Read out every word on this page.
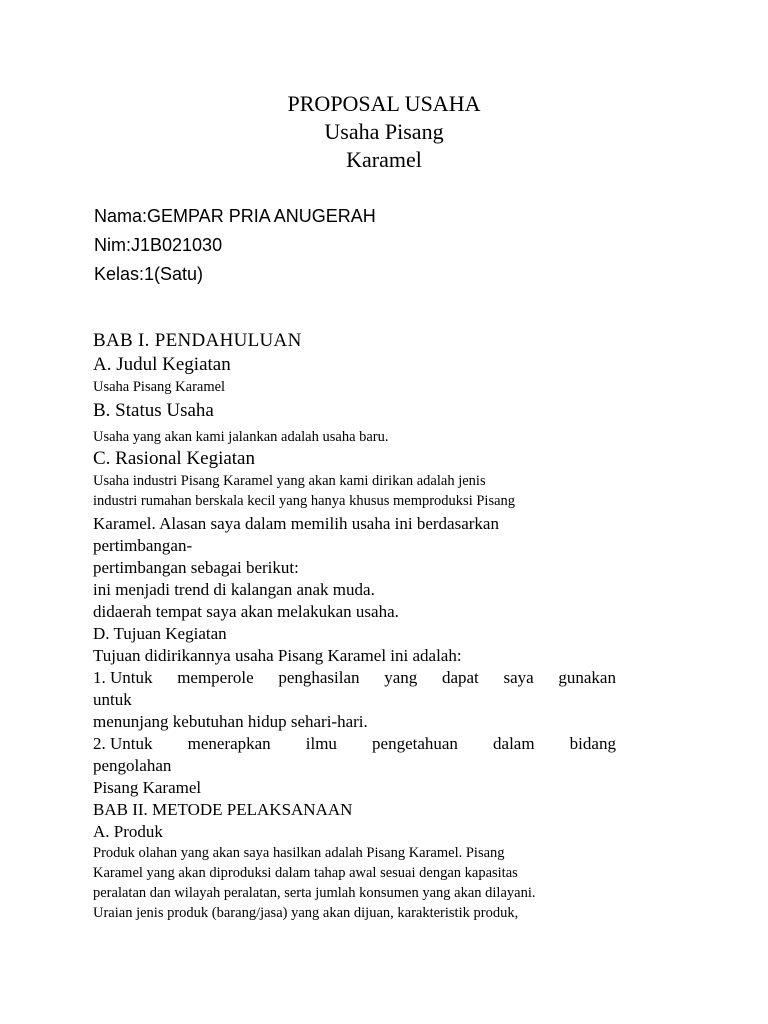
PROPOSAL USAHA
Usaha Pisang
Karamel
Nama:GEMPAR PRIA ANUGERAH
Nim:J1B021030
Kelas:1(Satu)
BAB I. PENDAHULUAN
A. Judul Kegiatan
Usaha Pisang Karamel
B. Status Usaha
Usaha yang akan kami jalankan adalah usaha baru.
C. Rasional Kegiatan
Usaha industri Pisang Karamel yang akan kami dirikan adalah jenis
industri rumahan berskala kecil yang hanya khusus memproduksi Pisang
Karamel. Alasan saya dalam memilih usaha ini berdasarkan
pertimbangan-
pertimbangan sebagai berikut:
ini menjadi trend di kalangan anak muda.
didaerah tempat saya akan melakukan usaha.
D. Tujuan Kegiatan
Tujuan didirikannya usaha Pisang Karamel ini adalah:
1. Untuk memperole penghasilan yang dapat saya gunakan
untuk
menunjang kebutuhan hidup sehari-hari.
2. Untuk menerapkan ilmu pengetahuan dalam bidang
pengolahan
Pisang Karamel
BAB II. METODE PELAKSANAAN
A. Produk
Produk olahan yang akan saya hasilkan adalah Pisang Karamel. Pisang
Karamel yang akan diproduksi dalam tahap awal sesuai dengan kapasitas
peralatan dan wilayah peralatan, serta jumlah konsumen yang akan dilayani.
Uraian jenis produk (barang/jasa) yang akan dijuan, karakteristik produk,
